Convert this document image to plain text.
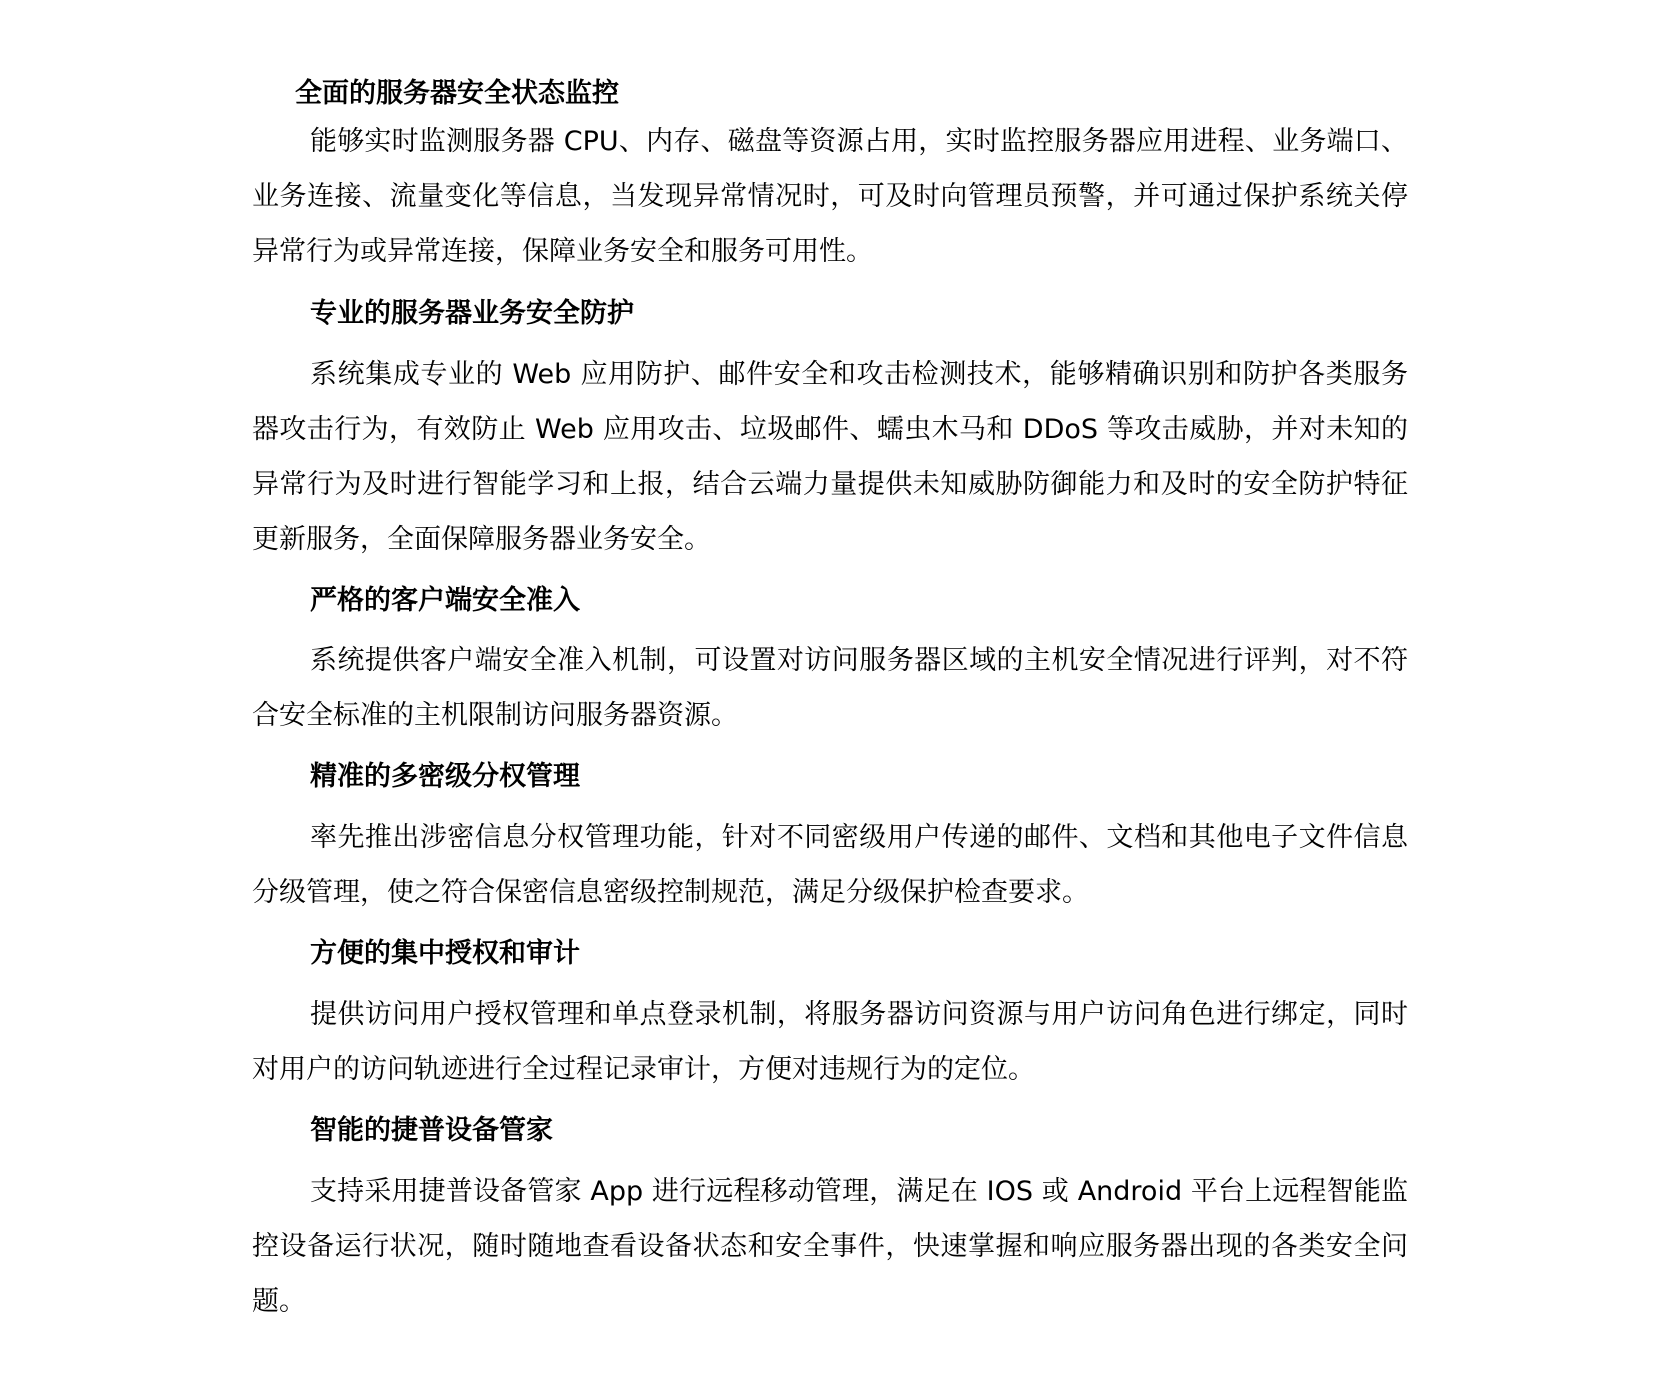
全面的服务器安全状态监控

能够实时监测服务器 CPU、内存、磁盘等资源占用，实时监控服务器应用进程、业务端口、业务连接、流量变化等信息，当发现异常情况时，可及时向管理员预警，并可通过保护系统关停异常行为或异常连接，保障业务安全和服务可用性。

专业的服务器业务安全防护

系统集成专业的 Web 应用防护、邮件安全和攻击检测技术，能够精确识别和防护各类服务器攻击行为，有效防止 Web 应用攻击、垃圾邮件、蠕虫木马和 DDoS 等攻击威胁，并对未知的异常行为及时进行智能学习和上报，结合云端力量提供未知威胁防御能力和及时的安全防护特征更新服务，全面保障服务器业务安全。

严格的客户端安全准入

系统提供客户端安全准入机制，可设置对访问服务器区域的主机安全情况进行评判，对不符合安全标准的主机限制访问服务器资源。

精准的多密级分权管理

率先推出涉密信息分权管理功能，针对不同密级用户传递的邮件、文档和其他电子文件信息分级管理，使之符合保密信息密级控制规范，满足分级保护检查要求。

方便的集中授权和审计

提供访问用户授权管理和单点登录机制，将服务器访问资源与用户访问角色进行绑定，同时对用户的访问轨迹进行全过程记录审计，方便对违规行为的定位。

智能的捷普设备管家

支持采用捷普设备管家 App 进行远程移动管理，满足在 IOS 或 Android 平台上远程智能监控设备运行状况，随时随地查看设备状态和安全事件，快速掌握和响应服务器出现的各类安全问题。
